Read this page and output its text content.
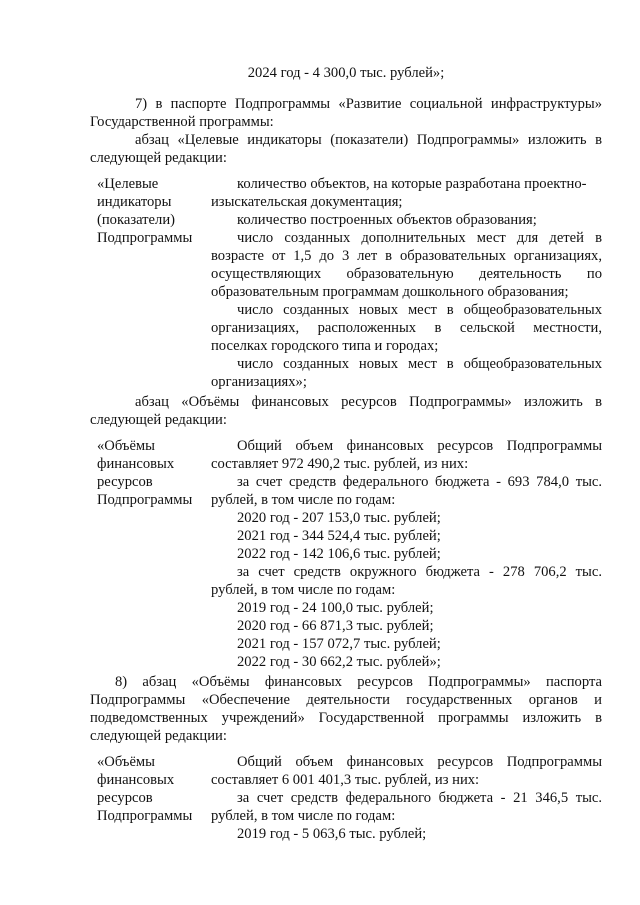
2024 год - 4 300,0 тыс. рублей»;
7) в паспорте Подпрограммы «Развитие социальной инфраструктуры»
Государственной программы:
абзац «Целевые индикаторы (показатели) Подпрограммы» изложить в
следующей редакции:
«Целевые
индикаторы
(показатели)
Подпрограммы
количество объектов, на которые разработана проектно-
изыскательская документация;
количество построенных объектов образования;
число созданных дополнительных мест для детей в
возрасте от 1,5 до 3 лет в образовательных организациях,
осуществляющих образовательную деятельность по
образовательным программам дошкольного образования;
число созданных новых мест в общеобразовательных
организациях, расположенных в сельской местности,
поселках городского типа и городах;
число созданных новых мест в общеобразовательных
организациях»;
абзац «Объёмы финансовых ресурсов Подпрограммы» изложить в
следующей редакции:
«Объёмы
финансовых
ресурсов
Подпрограммы
Общий объем финансовых ресурсов Подпрограммы
составляет 972 490,2 тыс. рублей, из них:
за счет средств федерального бюджета - 693 784,0 тыс.
рублей, в том числе по годам:
2020 год - 207 153,0 тыс. рублей;
2021 год - 344 524,4 тыс. рублей;
2022 год - 142 106,6 тыс. рублей;
за счет средств окружного бюджета - 278 706,2 тыс.
рублей, в том числе по годам:
2019 год - 24 100,0 тыс. рублей;
2020 год - 66 871,3 тыс. рублей;
2021 год - 157 072,7 тыс. рублей;
2022 год - 30 662,2 тыс. рублей»;
8) абзац «Объёмы финансовых ресурсов Подпрограммы» паспорта
Подпрограммы «Обеспечение деятельности государственных органов и
подведомственных учреждений» Государственной программы изложить в
следующей редакции:
«Объёмы
финансовых
ресурсов
Подпрограммы
Общий объем финансовых ресурсов Подпрограммы
составляет 6 001 401,3 тыс. рублей, из них:
за счет средств федерального бюджета - 21 346,5 тыс.
рублей, в том числе по годам:
2019 год - 5 063,6 тыс. рублей;
